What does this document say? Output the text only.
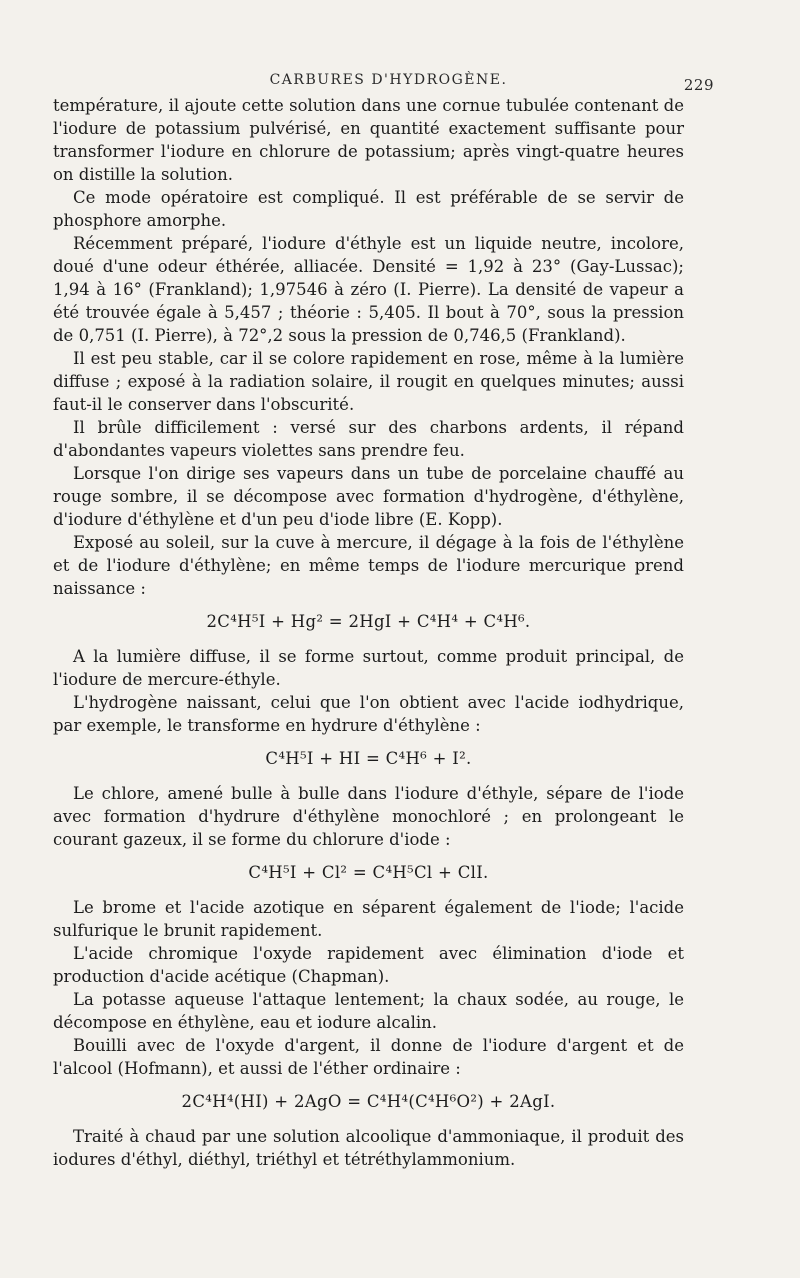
CARBURES D'HYDROGÈNE.	229

température, il ajoute cette solution dans une cornue tubulée contenant de l'iodure de potassium pulvérisé, en quantité exactement suffisante pour transformer l'iodure en chlorure de potassium; après vingt-quatre heures on distille la solution.

Ce mode opératoire est compliqué. Il est préférable de se servir de phosphore amorphe.

Récemment préparé, l'iodure d'éthyle est un liquide neutre, incolore, doué d'une odeur éthérée, alliacée. Densité = 1,92 à 23° (Gay-Lussac); 1,94 à 16° (Frankland); 1,97546 à zéro (I. Pierre). La densité de vapeur a été trouvée égale à 5,457 ; théorie : 5,405. Il bout à 70°, sous la pression de 0,751 (I. Pierre), à 72°,2 sous la pression de 0,746,5 (Frankland).

Il est peu stable, car il se colore rapidement en rose, même à la lumière diffuse ; exposé à la radiation solaire, il rougit en quelques minutes; aussi faut-il le conserver dans l'obscurité.

Il brûle difficilement : versé sur des charbons ardents, il répand d'abondantes vapeurs violettes sans prendre feu.

Lorsque l'on dirige ses vapeurs dans un tube de porcelaine chauffé au rouge sombre, il se décompose avec formation d'hydrogène, d'éthylène, d'iodure d'éthylène et d'un peu d'iode libre (E. Kopp).

Exposé au soleil, sur la cuve à mercure, il dégage à la fois de l'éthylène et de l'iodure d'éthylène; en même temps de l'iodure mercurique prend naissance :

2C⁴H⁵I + Hg² = 2HgI + C⁴H⁴ + C⁴H⁶.

A la lumière diffuse, il se forme surtout, comme produit principal, de l'iodure de mercure-éthyle.

L'hydrogène naissant, celui que l'on obtient avec l'acide iodhydrique, par exemple, le transforme en hydrure d'éthylène :

C⁴H⁵I + HI = C⁴H⁶ + I².

Le chlore, amené bulle à bulle dans l'iodure d'éthyle, sépare de l'iode avec formation d'hydrure d'éthylène monochloré ; en prolongeant le courant gazeux, il se forme du chlorure d'iode :

C⁴H⁵I + Cl² = C⁴H⁵Cl + ClI.

Le brome et l'acide azotique en séparent également de l'iode; l'acide sulfurique le brunit rapidement.

L'acide chromique l'oxyde rapidement avec élimination d'iode et production d'acide acétique (Chapman).

La potasse aqueuse l'attaque lentement; la chaux sodée, au rouge, le décompose en éthylène, eau et iodure alcalin.

Bouilli avec de l'oxyde d'argent, il donne de l'iodure d'argent et de l'alcool (Hofmann), et aussi de l'éther ordinaire :

2C⁴H⁴(HI) + 2AgO = C⁴H⁴(C⁴H⁶O²) + 2AgI.

Traité à chaud par une solution alcoolique d'ammoniaque, il produit des iodures d'éthyl, diéthyl, triéthyl et tétréthylammonium.
